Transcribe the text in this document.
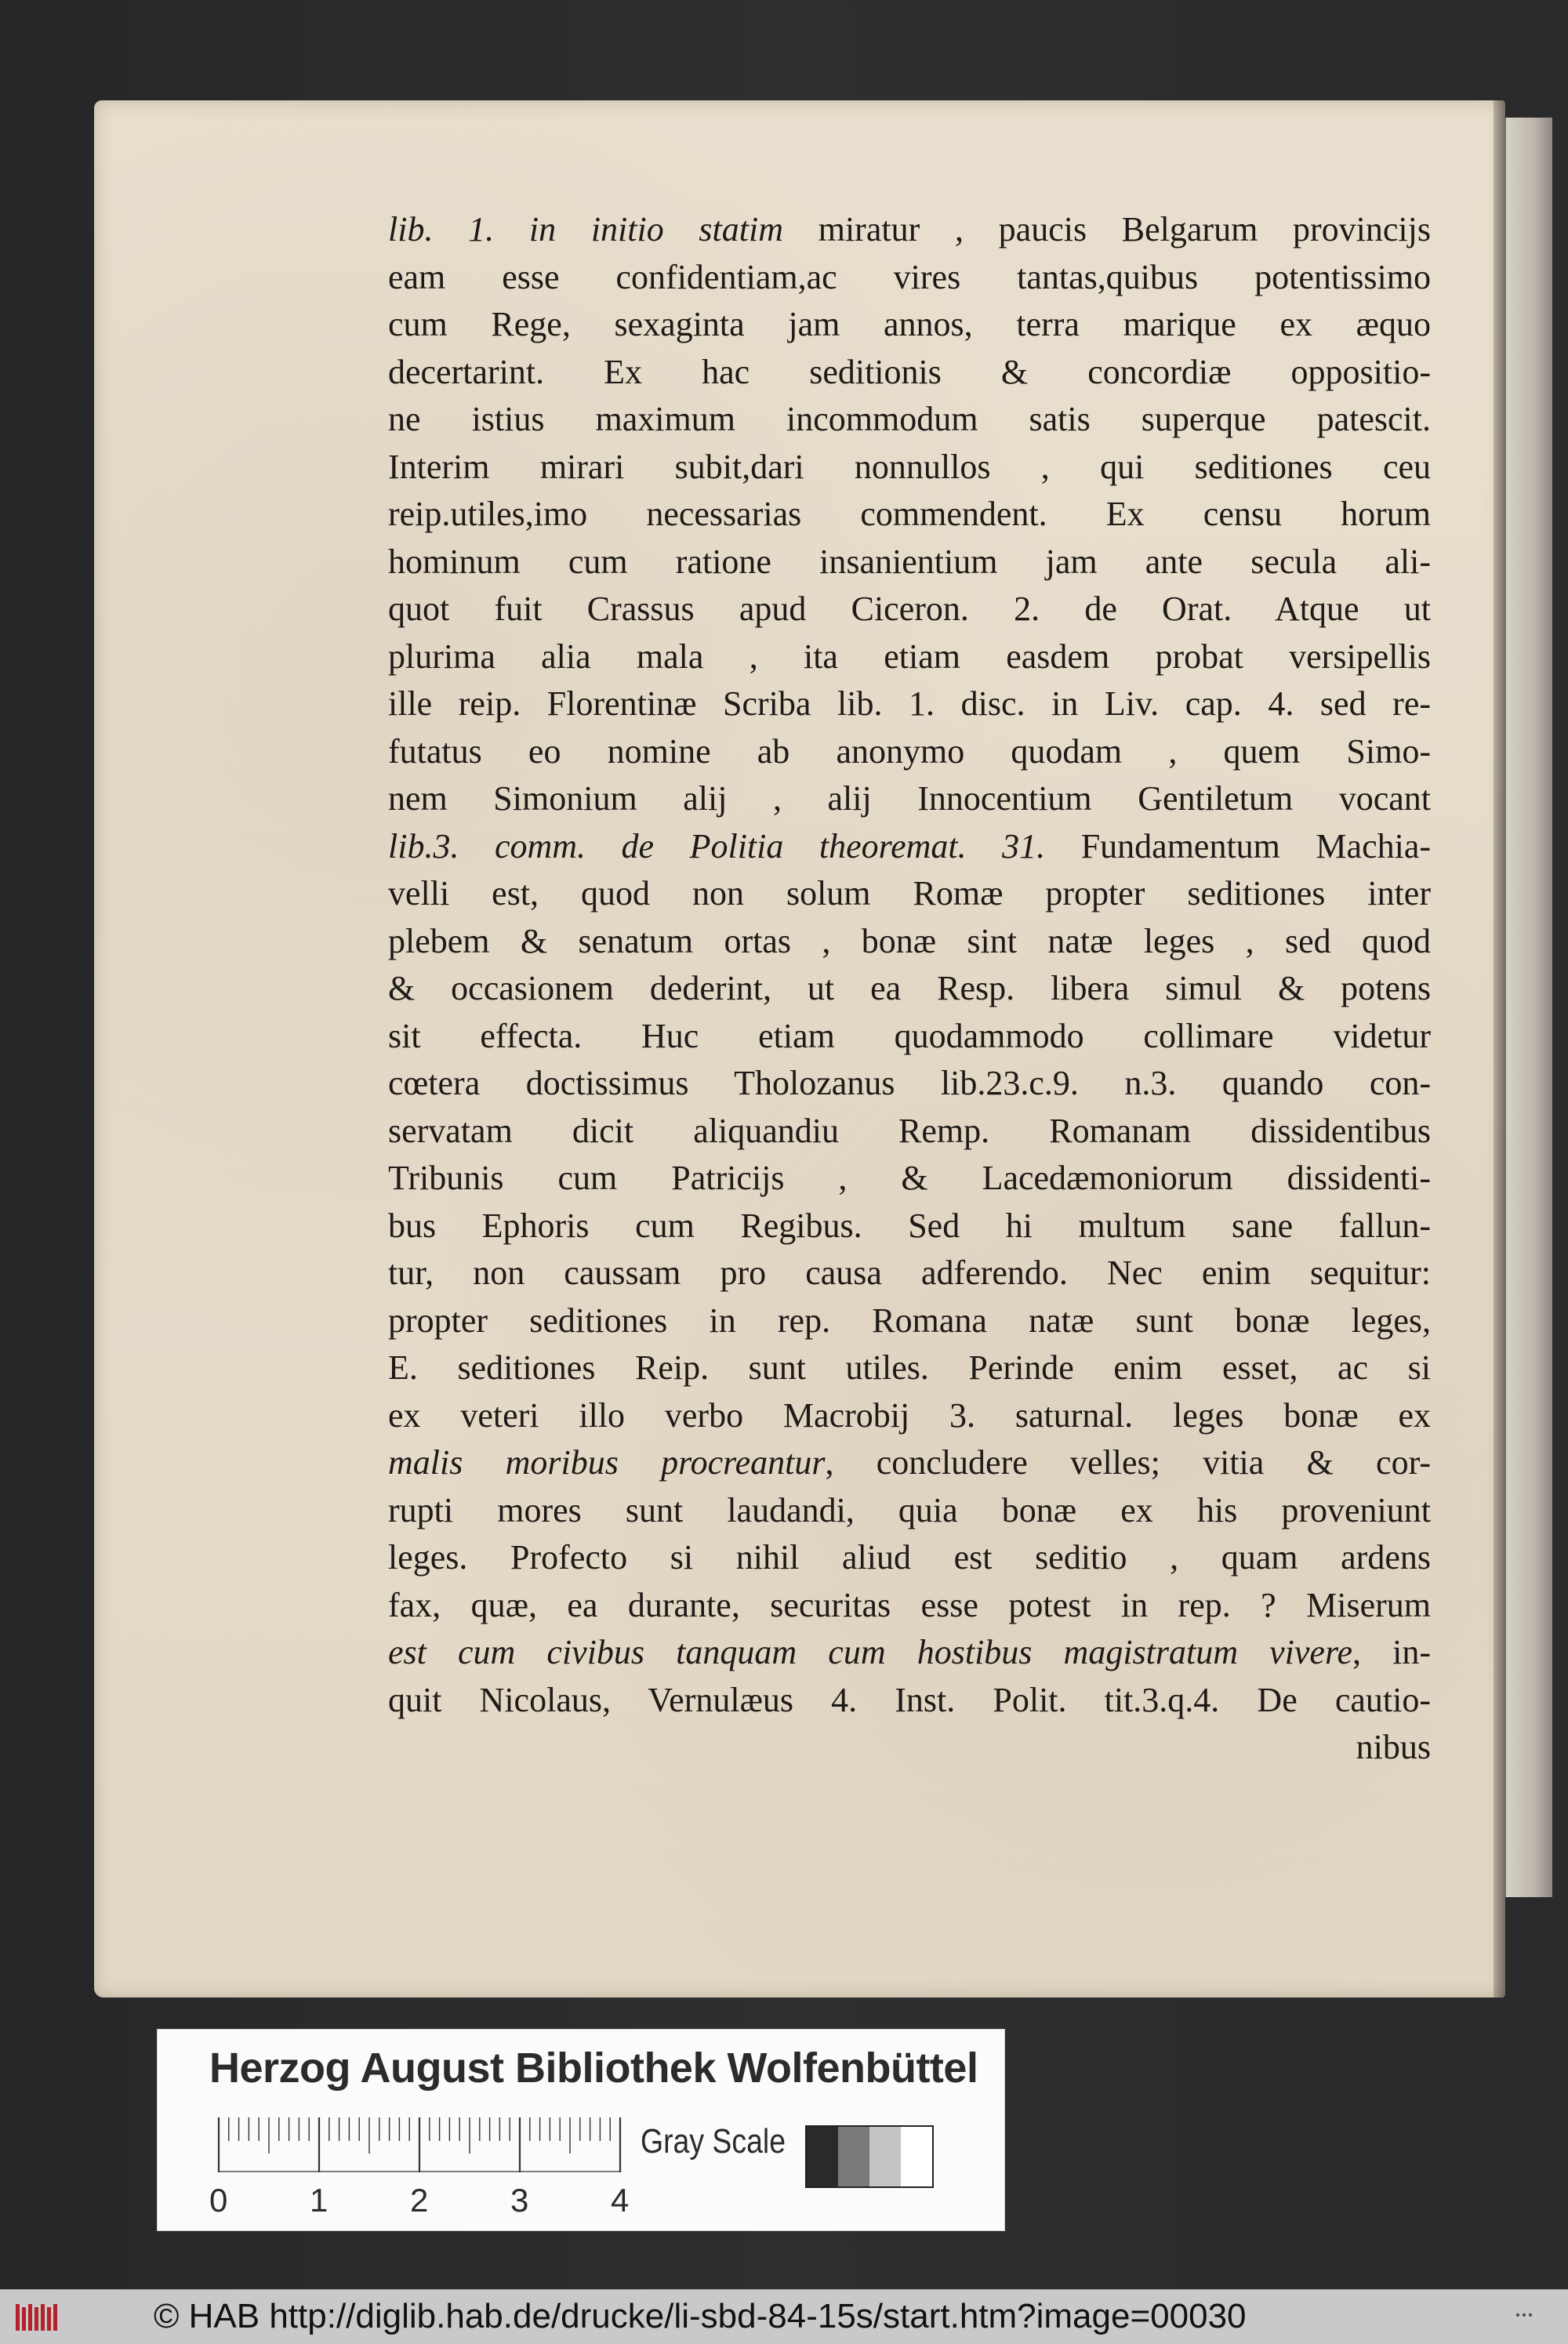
lib. 1. in initio statim miratur , paucis Belgarum provincijs
eam esse confidentiam,ac vires tantas,quibus potentissimo
cum Rege, sexaginta jam annos, terra marique ex æquo
decertarint. Ex hac seditionis & concordiæ oppositio-
ne istius maximum incommodum satis superque patescit.
Interim mirari subit,dari nonnullos , qui seditiones ceu
reip.utiles,imo necessarias commendent. Ex censu horum
hominum cum ratione insanientium jam ante secula ali-
quot fuit Crassus apud Ciceron. 2. de Orat. Atque ut
plurima alia mala , ita etiam easdem probat versipellis
ille reip. Florentinæ Scriba lib. 1. disc. in Liv. cap. 4. sed re-
futatus eo nomine ab anonymo quodam , quem Simo-
nem Simonium alij , alij Innocentium Gentiletum vocant
lib.3. comm. de Politia theoremat. 31. Fundamentum Machia-
velli est, quod non solum Romæ propter seditiones inter
plebem & senatum ortas , bonæ sint natæ leges , sed quod
& occasionem dederint, ut ea Resp. libera simul & potens
sit effecta. Huc etiam quodammodo collimare videtur
cœtera doctissimus Tholozanus lib.23.c.9. n.3. quando con-
servatam dicit aliquandiu Remp. Romanam dissidentibus
Tribunis cum Patricijs , & Lacedæmoniorum dissidenti-
bus Ephoris cum Regibus. Sed hi multum sane fallun-
tur, non caussam pro causa adferendo. Nec enim sequitur:
propter seditiones in rep. Romana natæ sunt bonæ leges,
E. seditiones Reip. sunt utiles. Perinde enim esset, ac si
ex veteri illo verbo Macrobij 3. saturnal. leges bonæ ex
malis moribus procreantur, concludere velles; vitia & cor-
rupti mores sunt laudandi, quia bonæ ex his proveniunt
leges. Profecto si nihil aliud est seditio , quam ardens
fax, quæ, ea durante, securitas esse potest in rep. ? Miserum
est cum civibus tanquam cum hostibus magistratum vivere, in-
quit Nicolaus, Vernulæus 4. Inst. Polit. tit.3.q.4. De cautio-
nibus
Herzog August Bibliothek Wolfenbüttel
0 1 2 3 4
Gray Scale
© HAB http://diglib.hab.de/drucke/li-sbd-84-15s/start.htm?image=00030
